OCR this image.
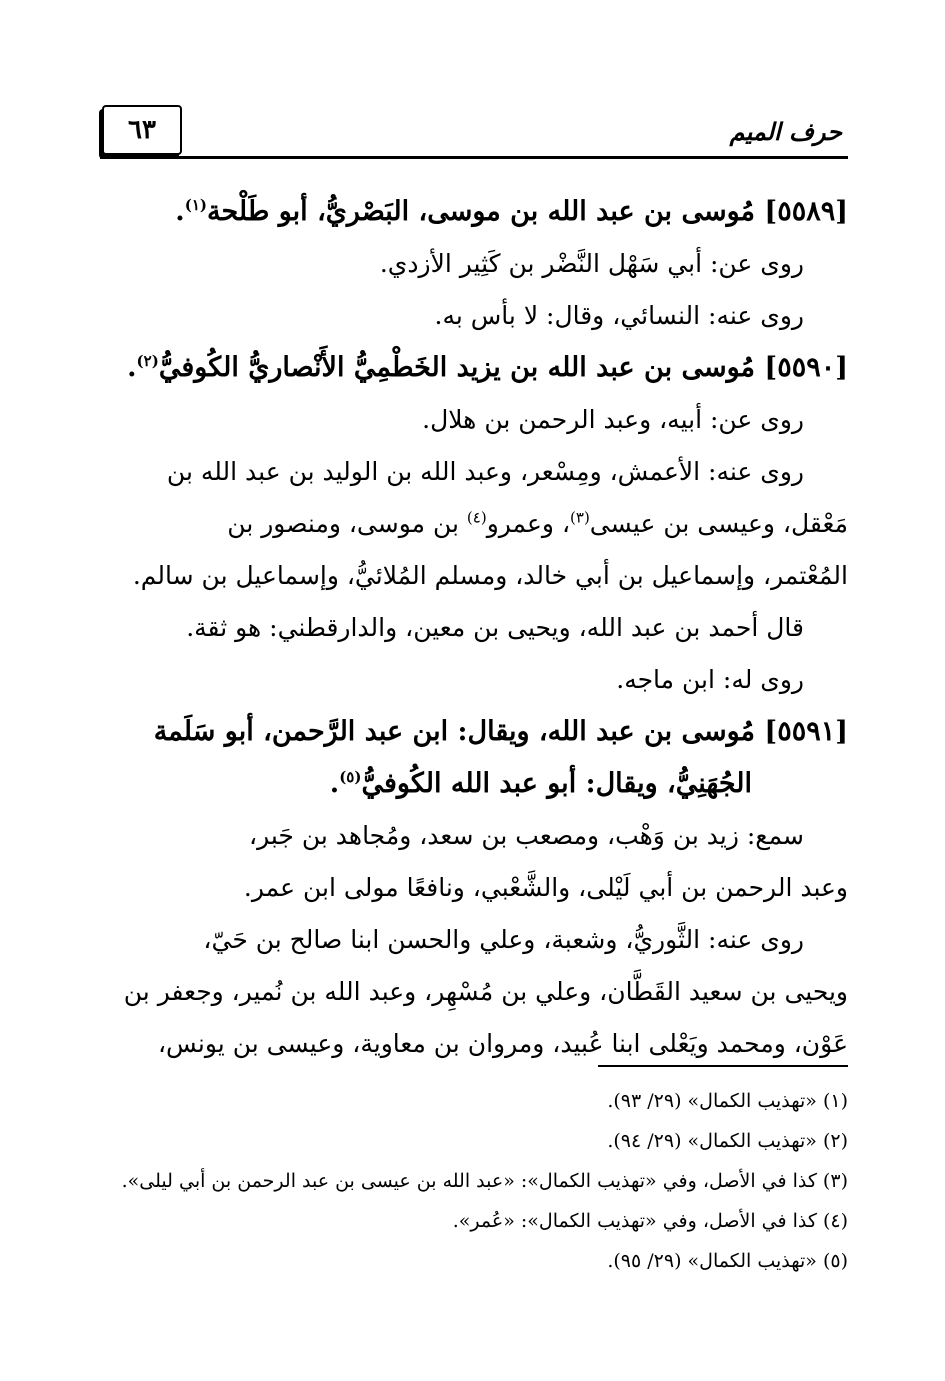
حرف الميم
٦٣
[٥٥٨٩] مُوسى بن عبد الله بن موسى، البَصْريُّ، أبو طَلْحة$^{(١)}$.
روى عن: أبي سَهْل النَّضْر بن كَثِير الأزدي.
روى عنه: النسائي، وقال: لا بأس به.
[٥٥٩٠] مُوسى بن عبد الله بن يزيد الخَطْمِيُّ الأَنْصاريُّ الكُوفيُّ$^{(٢)}$.
روى عن: أبيه، وعبد الرحمن بن هلال.
روى عنه: الأعمش، ومِسْعر، وعبد الله بن الوليد بن عبد الله بن
مَعْقل، وعيسى بن عيسى$^{(٣)}$، وعمرو$^{(٤)}$ بن موسى، ومنصور بن
المُعْتمر، وإسماعيل بن أبي خالد، ومسلم المُلائيُّ، وإسماعيل بن سالم.
قال أحمد بن عبد الله، ويحيى بن معين، والدارقطني: هو ثقة.
روى له: ابن ماجه.
[٥٥٩١] مُوسى بن عبد الله، ويقال: ابن عبد الرَّحمن، أبو سَلَمة
الجُهَنِيُّ، ويقال: أبو عبد الله الكُوفيُّ$^{(٥)}$.
سمع: زيد بن وَهْب، ومصعب بن سعد، ومُجاهد بن جَبر،
وعبد الرحمن بن أبي لَيْلى، والشَّعْبي، ونافعًا مولى ابن عمر.
روى عنه: الثَّوريُّ، وشعبة، وعلي والحسن ابنا صالح بن حَيّ،
ويحيى بن سعيد القَطَّان، وعلي بن مُسْهِر، وعبد الله بن نُمير، وجعفر بن
عَوْن، ومحمد ويَعْلى ابنا عُبيد، ومروان بن معاوية، وعيسى بن يونس،
(١) «تهذيب الكمال» (٢٩/ ٩٣).
(٢) «تهذيب الكمال» (٢٩/ ٩٤).
(٣) كذا في الأصل، وفي «تهذيب الكمال»: «عبد الله بن عيسى بن عبد الرحمن بن أبي ليلى».
(٤) كذا في الأصل، وفي «تهذيب الكمال»: «عُمر».
(٥) «تهذيب الكمال» (٢٩/ ٩٥).
